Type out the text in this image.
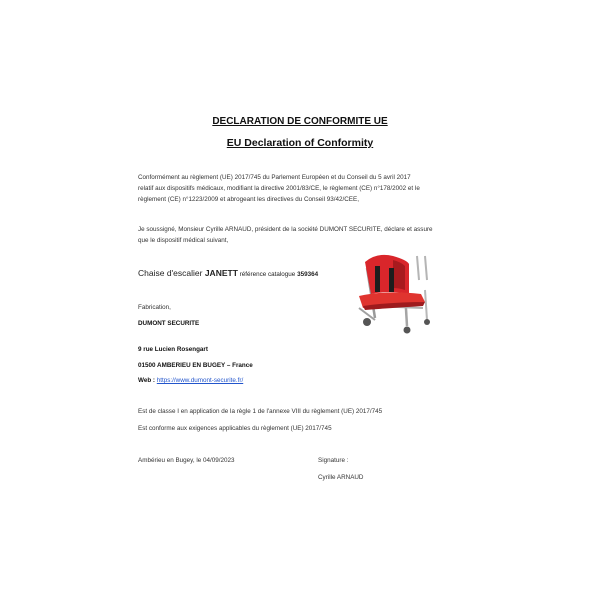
DECLARATION DE CONFORMITE UE
EU Declaration of Conformity
Conformément au règlement (UE) 2017/745 du Parlement Européen et du Conseil du 5 avril 2017
relatif aux dispositifs médicaux, modifiant la directive 2001/83/CE, le règlement (CE) n°178/2002 et le
règlement (CE) n°1223/2009 et abrogeant les directives du Conseil 93/42/CEE,
Je soussigné, Monsieur Cyrille ARNAUD, président de la société DUMONT SECURITE, déclare et assure
que le dispositif médical suivant,
Chaise d'escalier JANETT référence catalogue 359364
Fabrication,
DUMONT SECURITE
9 rue Lucien Rosengart
01500 AMBERIEU EN BUGEY – France
Web : https://www.dumont-securite.fr/
Est de classe I en application de la règle 1 de l'annexe VIII du règlement (UE) 2017/745
Est conforme aux exigences applicables du règlement (UE) 2017/745
Ambérieu en Bugey, le 04/09/2023	Signature :
Cyrille ARNAUD
